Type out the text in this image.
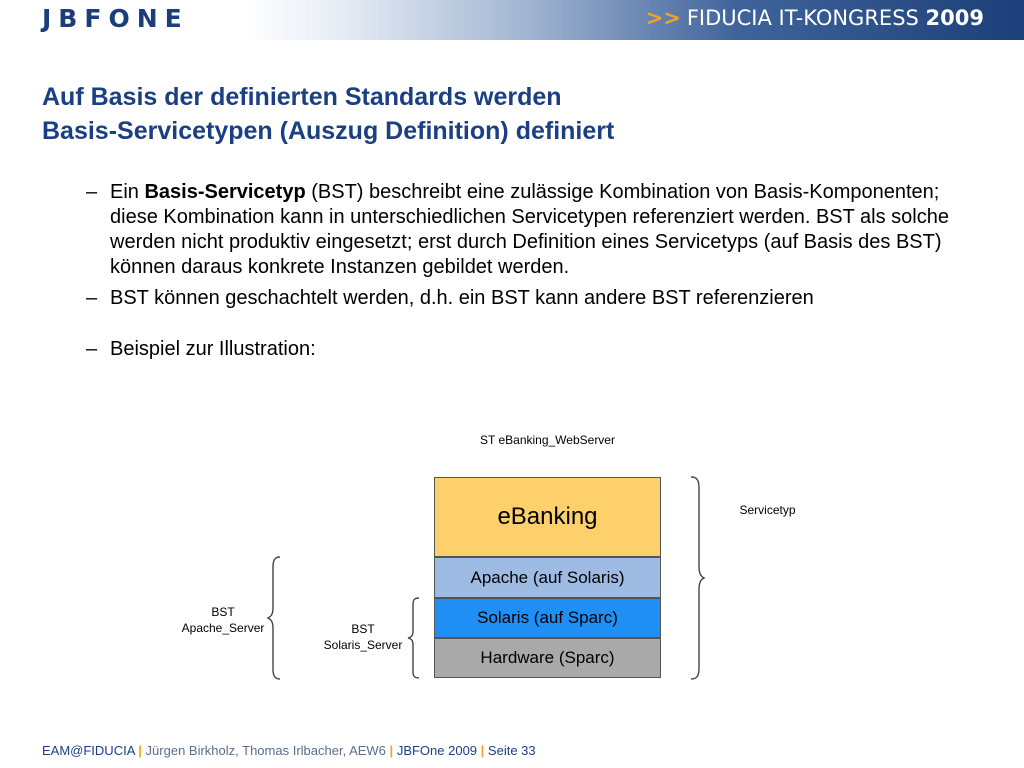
JBFO
NE	>> FIDUCIA IT-KONGRESS 2009
Auf Basis der definierten Standards werden
Basis-Servicetypen (Auszug Definition) definiert
– Ein Basis-Servicetyp (BST) beschreibt eine zulässige Kombination von Basis-Komponenten; diese Kombination kann in unterschiedlichen Servicetypen referenziert werden. BST als solche werden nicht produktiv eingesetzt; erst durch Definition eines Servicetyps (auf Basis des BST) können daraus konkrete Instanzen gebildet werden.
– BST können geschachtelt werden, d.h. ein BST kann andere BST referenzieren
– Beispiel zur Illustration:
ST eBanking_WebServer
eBanking
Apache (auf Solaris)
Solaris (auf Sparc)
Hardware (Sparc)
Servicetyp
BST
Apache_Server	BST
Solaris_Server
EAM@FIDUCIA | Jürgen Birkholz, Thomas Irlbacher, AEW6 | JBFOne 2009 | Seite 33
